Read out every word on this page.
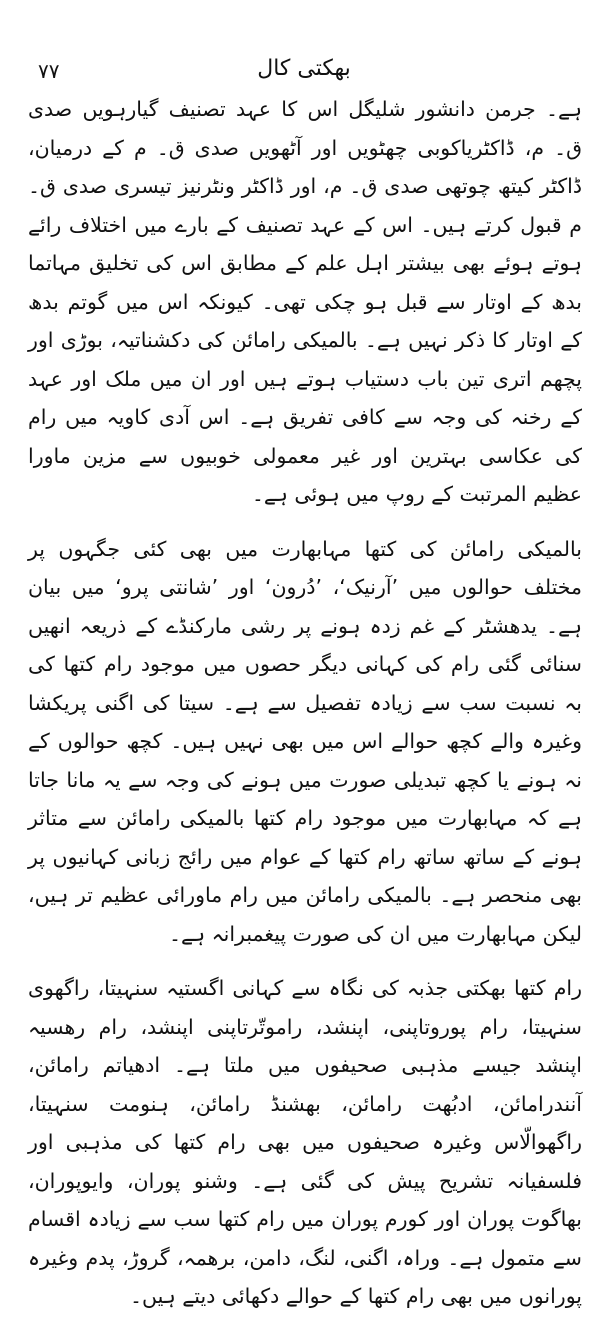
۷۷	بھکتی کال

ہے۔ جرمن دانشور شلیگل اس کا عہد تصنیف گیارہویں صدی ق۔ م، ڈاکٹریاکوبی چھٹویں اور آٹھویں صدی ق۔ م کے درمیان، ڈاکٹر کیتھ چوتھی صدی ق۔ م، اور ڈاکٹر ونٹرنیز تیسری صدی ق۔ م قبول کرتے ہیں۔ اس کے عہد تصنیف کے بارے میں اختلاف رائے ہوتے ہوئے بھی بیشتر اہل علم کے مطابق اس کی تخلیق مہاتما بدھ کے اوتار سے قبل ہو چکی تھی۔ کیونکہ اس میں گوتم بدھ کے اوتار کا ذکر نہیں ہے۔ بالمیکی رامائن کی دکشناتیہ، بوڑی اور پچھم اتری تین باب دستیاب ہوتے ہیں اور ان میں ملک اور عہد کے رخنہ کی وجہ سے کافی تفریق ہے۔ اس آدی کاویہ میں رام کی عکاسی بہترین اور غیر معمولی خوبیوں سے مزین ماورا عظیم المرتبت کے روپ میں ہوئی ہے۔

بالمیکی رامائن کی کتھا مہابھارت میں بھی کئی جگہوں پر مختلف حوالوں میں ’آرنیک‘، ’دُرون‘ اور ’شانتی پرو‘ میں بیان ہے۔ یدھشٹر کے غم زدہ ہونے پر رشی مارکنڈے کے ذریعہ انھیں سنائی گئی رام کی کہانی دیگر حصوں میں موجود رام کتھا کی بہ نسبت سب سے زیادہ تفصیل سے ہے۔ سیتا کی اگنی پریکشا وغیرہ والے کچھ حوالے اس میں بھی نہیں ہیں۔ کچھ حوالوں کے نہ ہونے یا کچھ تبدیلی صورت میں ہونے کی وجہ سے یہ مانا جاتا ہے کہ مہابھارت میں موجود رام کتھا بالمیکی رامائن سے متاثر ہونے کے ساتھ ساتھ رام کتھا کے عوام میں رائج زبانی کہانیوں پر بھی منحصر ہے۔ بالمیکی رامائن میں رام ماورائی عظیم تر ہیں، لیکن مہابھارت میں ان کی صورت پیغمبرانہ ہے۔

رام کتھا بھکتی جذبہ کی نگاہ سے کہانی اگستیہ سنہیتا، راگھوی سنہیتا، رام پوروتاپنی، اپنشد، راموتّرتاپنی اپنشد، رام رھسیہ اپنشد جیسے مذہبی صحیفوں میں ملتا ہے۔ ادھیاتم رامائن، آنندرامائن، ادبُھت رامائن، بھشنڈ رامائن، ہنومت سنہیتا، راگھوالّاس وغیرہ صحیفوں میں بھی رام کتھا کی مذہبی اور فلسفیانہ تشریح پیش کی گئی ہے۔ وشنو پوران، وایوپوران، بھاگوت پوران اور کورم پوران میں رام کتھا سب سے زیادہ اقسام سے متمول ہے۔ وراہ، اگنی، لنگ، دامن، برھمہ، گروڑ، پدم وغیرہ پورانوں میں بھی رام کتھا کے حوالے دکھائی دیتے ہیں۔
